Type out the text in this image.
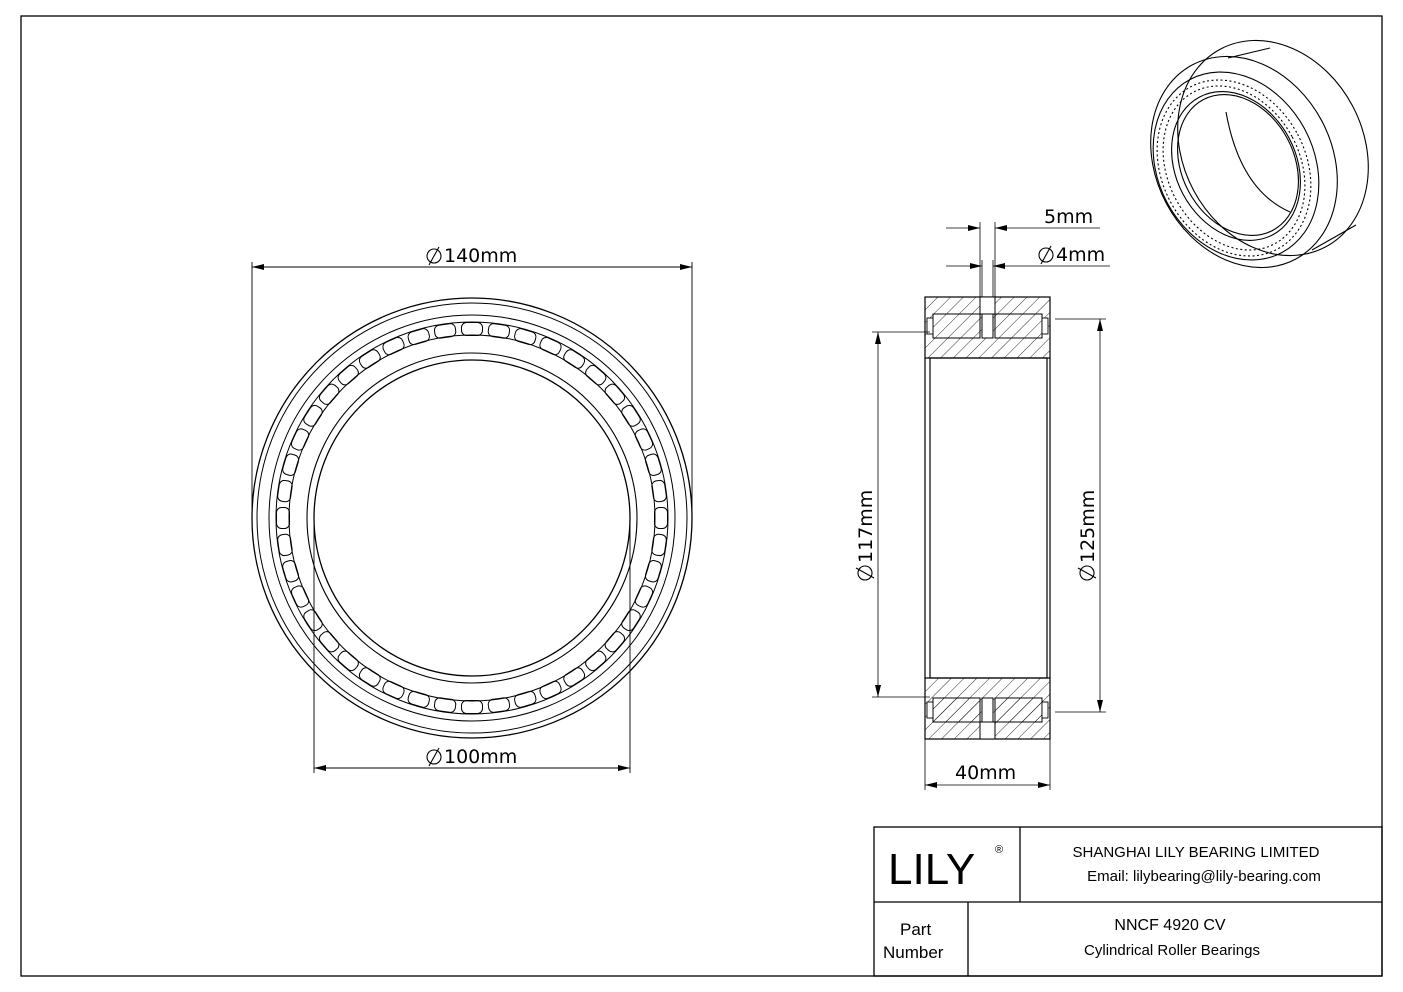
140mm
100mm
5mm
4mm
117mm	125mm
40mm
LILY ®	SHANGHAI LILY BEARING LIMITED
Email: lilybearing@lily-bearing.com
Part
Number
NNCF 4920 CV
Cylindrical Roller Bearings
